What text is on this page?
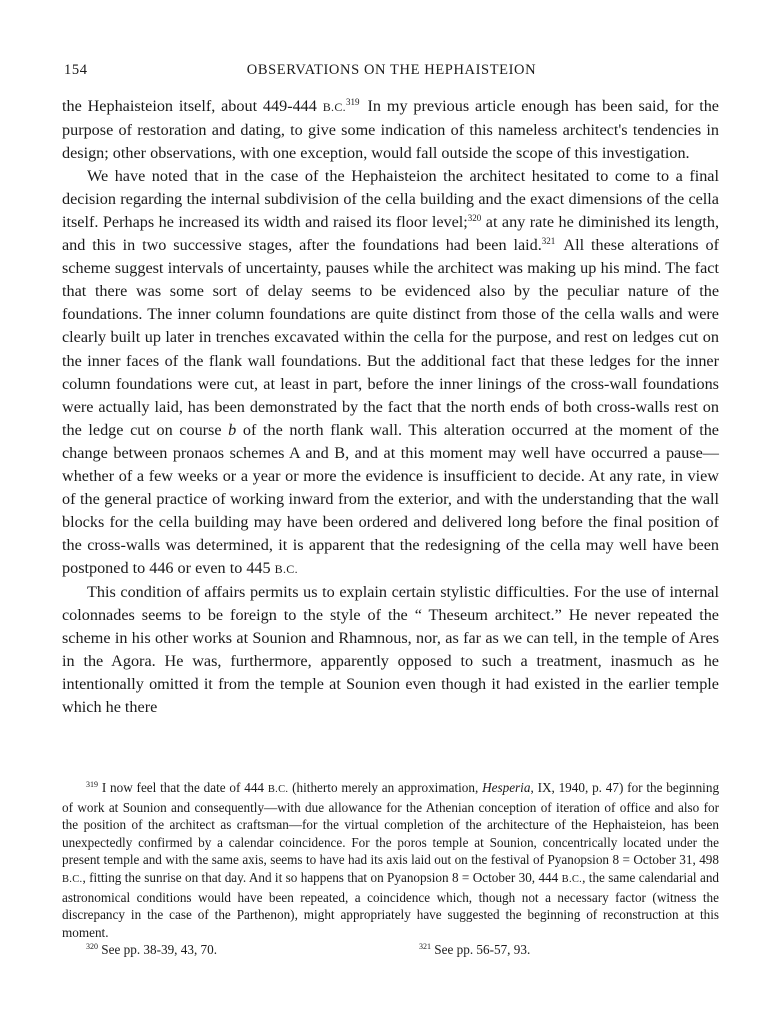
154	OBSERVATIONS ON THE HEPHAISTEION

the Hephaisteion itself, about 449-444 B.C.$^{319}$  In my previous article enough has been said, for the purpose of restoration and dating, to give some indication of this nameless architect's tendencies in design; other observations, with one exception, would fall outside the scope of this investigation.

We have noted that in the case of the Hephaisteion the architect hesitated to come to a final decision regarding the internal subdivision of the cella building and the exact dimensions of the cella itself. Perhaps he increased its width and raised its floor level;$^{320}$ at any rate he diminished its length, and this in two successive stages, after the foundations had been laid.$^{321}$  All these alterations of scheme suggest intervals of uncertainty, pauses while the architect was making up his mind. The fact that there was some sort of delay seems to be evidenced also by the peculiar nature of the foundations. The inner column foundations are quite distinct from those of the cella walls and were clearly built up later in trenches excavated within the cella for the purpose, and rest on ledges cut on the inner faces of the flank wall foundations. But the additional fact that these ledges for the inner column foundations were cut, at least in part, before the inner linings of the cross-wall foundations were actually laid, has been demonstrated by the fact that the north ends of both cross-walls rest on the ledge cut on course b of the north flank wall. This alteration occurred at the moment of the change between pronaos schemes A and B, and at this moment may well have occurred a pause—whether of a few weeks or a year or more the evidence is insufficient to decide. At any rate, in view of the general practice of working inward from the exterior, and with the understanding that the wall blocks for the cella building may have been ordered and delivered long before the final position of the cross-walls was determined, it is apparent that the redesigning of the cella may well have been postponed to 446 or even to 445 B.C.

This condition of affairs permits us to explain certain stylistic difficulties. For the use of internal colonnades seems to be foreign to the style of the “ Theseum architect.” He never repeated the scheme in his other works at Sounion and Rhamnous, nor, as far as we can tell, in the temple of Ares in the Agora. He was, furthermore, apparently opposed to such a treatment, inasmuch as he intentionally omitted it from the temple at Sounion even though it had existed in the earlier temple which he there

$^{319}$ I now feel that the date of 444 B.C. (hitherto merely an approximation, Hesperia, IX, 1940, p. 47) for the beginning of work at Sounion and consequently—with due allowance for the Athenian conception of iteration of office and also for the position of the architect as craftsman—for the virtual completion of the architecture of the Hephaisteion, has been unexpectedly confirmed by a calendar coincidence. For the poros temple at Sounion, concentrically located under the present temple and with the same axis, seems to have had its axis laid out on the festival of Pyanopsion 8 = October 31, 498 B.C., fitting the sunrise on that day. And it so happens that on Pyanopsion 8 = October 30, 444 B.C., the same calendarial and astronomical conditions would have been repeated, a coincidence which, though not a necessary factor (witness the discrepancy in the case of the Parthenon), might appropriately have suggested the beginning of reconstruction at this moment.

$^{320}$ See pp. 38-39, 43, 70.	$^{321}$ See pp. 56-57, 93.
